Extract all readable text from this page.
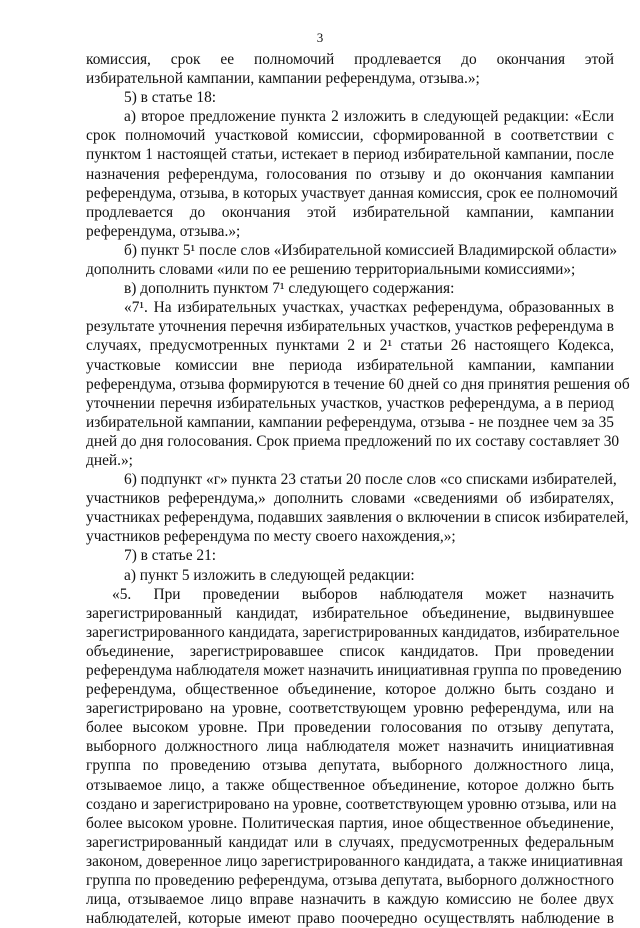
3
комиссия, срок ее полномочий продлевается до окончания этой
избирательной кампании, кампании референдума, отзыва.»;
5) в статье 18:
а) второе предложение пункта 2 изложить в следующей редакции: «Если
срок полномочий участковой комиссии, сформированной в соответствии с
пунктом 1 настоящей статьи, истекает в период избирательной кампании, после
назначения референдума, голосования по отзыву и до окончания кампании
референдума, отзыва, в которых участвует данная комиссия, срок ее полномочий
продлевается до окончания этой избирательной кампании, кампании
референдума, отзыва.»;
б) пункт 5¹ после слов «Избирательной комиссией Владимирской области»
дополнить словами «или по ее решению территориальными комиссиями»;
в) дополнить пунктом 7¹ следующего содержания:
«7¹. На избирательных участках, участках референдума, образованных в
результате уточнения перечня избирательных участков, участков референдума в
случаях, предусмотренных пунктами 2 и 2¹ статьи 26 настоящего Кодекса,
участковые комиссии вне периода избирательной кампании, кампании
референдума, отзыва формируются в течение 60 дней со дня принятия решения об
уточнении перечня избирательных участков, участков референдума, а в период
избирательной кампании, кампании референдума, отзыва - не позднее чем за 35
дней до дня голосования. Срок приема предложений по их составу составляет 30
дней.»;
6) подпункт «г» пункта 23 статьи 20 после слов «со списками избирателей,
участников референдума,» дополнить словами «сведениями об избирателях,
участниках референдума, подавших заявления о включении в список избирателей,
участников референдума по месту своего нахождения,»;
7) в статье 21:
а) пункт 5 изложить в следующей редакции:
«5. При проведении выборов наблюдателя может назначить
зарегистрированный кандидат, избирательное объединение, выдвинувшее
зарегистрированного кандидата, зарегистрированных кандидатов, избирательное
объединение, зарегистрировавшее список кандидатов. При проведении
референдума наблюдателя может назначить инициативная группа по проведению
референдума, общественное объединение, которое должно быть создано и
зарегистрировано на уровне, соответствующем уровню референдума, или на
более высоком уровне. При проведении голосования по отзыву депутата,
выборного должностного лица наблюдателя может назначить инициативная
группа по проведению отзыва депутата, выборного должностного лица,
отзываемое лицо, а также общественное объединение, которое должно быть
создано и зарегистрировано на уровне, соответствующем уровню отзыва, или на
более высоком уровне. Политическая партия, иное общественное объединение,
зарегистрированный кандидат или в случаях, предусмотренных федеральным
законом, доверенное лицо зарегистрированного кандидата, а также инициативная
группа по проведению референдума, отзыва депутата, выборного должностного
лица, отзываемое лицо вправе назначить в каждую комиссию не более двух
наблюдателей, которые имеют право поочередно осуществлять наблюдение в
